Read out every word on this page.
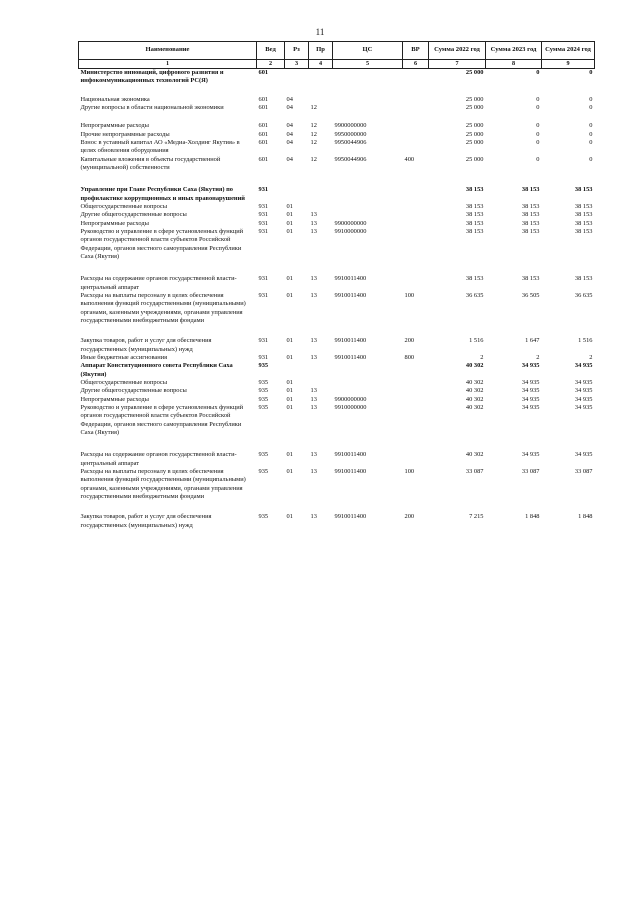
11
Наименование	Вед	Рз	Пр	ЦС	ВР	Сумма 2022 год	Сумма 2023 год	Сумма 2024 год
1	2	3	4	5	6	7	8	9
Министерство инноваций, цифрового развития и инфокоммуникационных технологий РС(Я)	601					25 000	0	0

Национальная экономика	601	04				25 000	0	0
Другие вопросы в области национальной экономики	601	04	12			25 000	0	0

Непрограммные расходы	601	04	12	9900000000		25 000	0	0
Прочие непрограммные расходы	601	04	12	9950000000		25 000	0	0
Взнос в уставный капитал АО «Медиа-Холдинг Якутия» в целях обновления оборудования	601	04	12	9950044906		25 000	0	0
Капитальные вложения в объекты государственной (муниципальной) собственности	601	04	12	9950044906	400	25 000	0	0

Управление при Главе Республики Саха (Якутия) по профилактике коррупционных и иных правонарушений	931					38 153	38 153	38 153
Общегосударственные вопросы	931	01				38 153	38 153	38 153
Другие общегосударственные вопросы	931	01	13			38 153	38 153	38 153
Непрограммные расходы	931	01	13	9900000000		38 153	38 153	38 153
Руководство и управление в сфере установленных функций органов государственной власти субъектов Российской Федерации, органов местного самоуправления Республики Саха (Якутия)	931	01	13	9910000000		38 153	38 153	38 153

Расходы на содержание органов государственной власти- центральный аппарат	931	01	13	9910011400		38 153	38 153	38 153
Расходы на выплаты персоналу в целях обеспечения выполнения функций государственными (муниципальными) органами, казенными учреждениями, органами управления государственными внебюджетными фондами	931	01	13	9910011400	100	36 635	36 505	36 635

Закупка товаров, работ и услуг для обеспечения государственных (муниципальных) нужд	931	01	13	9910011400	200	1 516	1 647	1 516
Иные бюджетные ассигнования	931	01	13	9910011400	800	2	2	2
Аппарат Конституционного совета Республики Саха (Якутия)	935					40 302	34 935	34 935
Общегосударственные вопросы	935	01				40 302	34 935	34 935
Другие общегосударственные вопросы	935	01	13			40 302	34 935	34 935
Непрограммные расходы	935	01	13	9900000000		40 302	34 935	34 935
Руководство и управление в сфере установленных функций органов государственной власти субъектов Российской Федерации, органов местного самоуправления Республики Саха (Якутия)	935	01	13	9910000000		40 302	34 935	34 935

Расходы на содержание органов государственной власти- центральный аппарат	935	01	13	9910011400		40 302	34 935	34 935
Расходы на выплаты персоналу в целях обеспечения выполнения функций государственными (муниципальными) органами, казенными учреждениями, органами управления государственными внебюджетными фондами	935	01	13	9910011400	100	33 087	33 087	33 087

Закупка товаров, работ и услуг для обеспечения государственных (муниципальных) нужд	935	01	13	9910011400	200	7 215	1 848	1 848
